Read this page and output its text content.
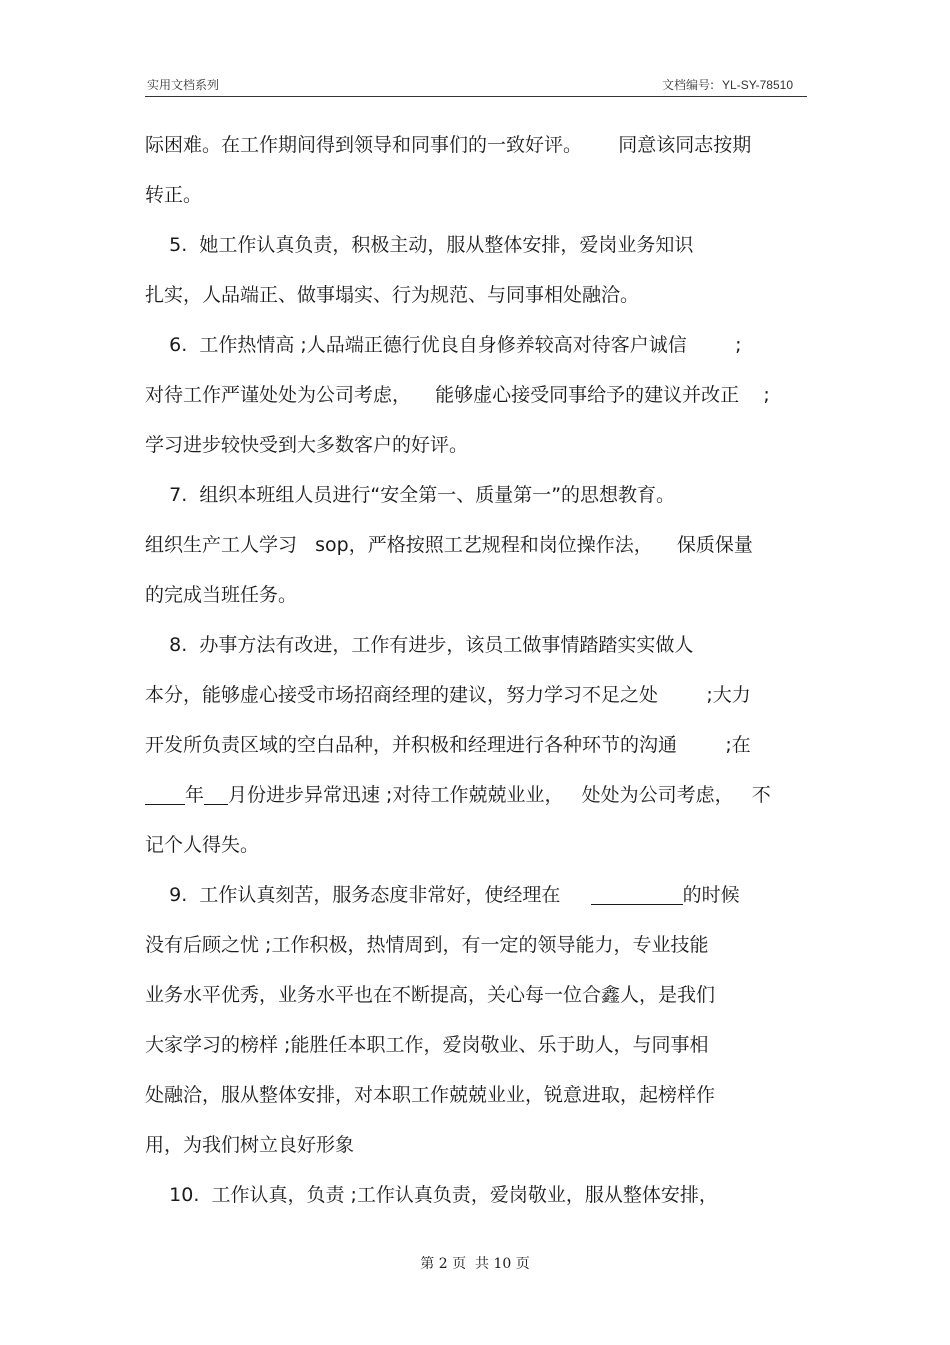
实用文档系列	文档编号: YL-SY-78510
际困难。在工作期间得到领导和同事们的一致好评。      同意该同志按期
转正。
5.  她工作认真负责，积极主动，服从整体安排，爱岗业务知识
扎实，人品端正、做事塌实、行为规范、与同事相处融洽。
6.  工作热情高 ;人品端正德行优良自身修养较高对待客户诚信        ;
对待工作严谨处处为公司考虑，    能够虚心接受同事给予的建议并改正    ;
学习进步较快受到大多数客户的好评。
7.  组织本班组人员进行“安全第一、质量第一”的思想教育。
组织生产工人学习   sop，严格按照工艺规程和岗位操作法，    保质保量
的完成当班任务。
8.  办事方法有改进，工作有进步，该员工做事情踏踏实实做人
本分，能够虚心接受市场招商经理的建议，努力学习不足之处        ;大力
开发所负责区域的空白品种，并积极和经理进行各种环节的沟通        ;在
年 月份进步异常迅速 ;对待工作兢兢业业，   处处为公司考虑，   不
记个人得失。
9.  工作认真刻苦，服务态度非常好，使经理在	的时候
没有后顾之忧 ;工作积极，热情周到，有一定的领导能力，专业技能
业务水平优秀，业务水平也在不断提高，关心每一位合鑫人，是我们
大家学习的榜样 ;能胜任本职工作，爱岗敬业、乐于助人，与同事相
处融洽，服从整体安排，对本职工作兢兢业业，锐意进取，起榜样作
用，为我们树立良好形象
10.  工作认真，负责 ;工作认真负责，爱岗敬业，服从整体安排，
第 2 页  共 10 页
